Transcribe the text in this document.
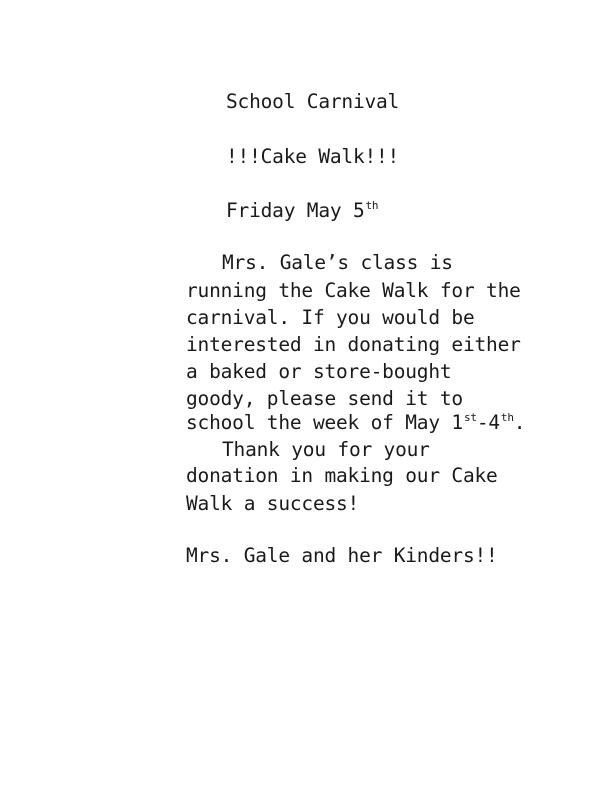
School Carnival
!!!Cake Walk!!!
Friday May 5th
Mrs. Gale’s class is
running the Cake Walk for the
carnival. If you would be
interested in donating either
a baked or store-bought
goody, please send it to
school the week of May 1st-4th.
Thank you for your
donation in making our Cake
Walk a success!
Mrs. Gale and her Kinders!!
